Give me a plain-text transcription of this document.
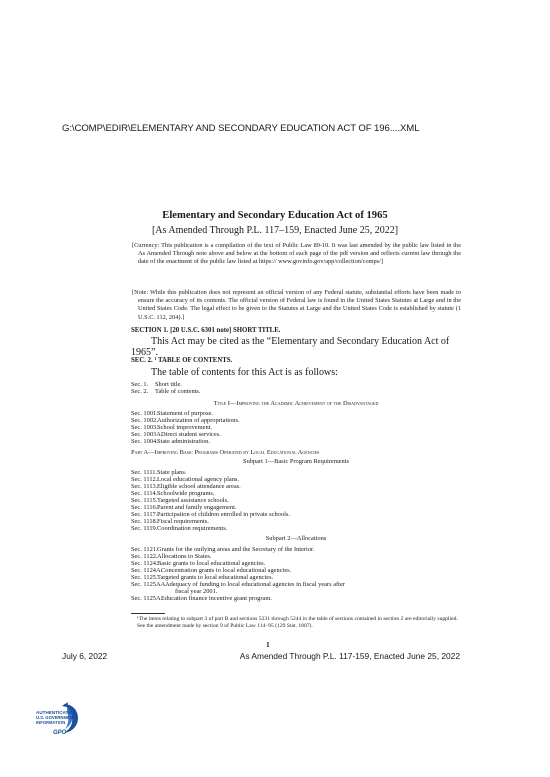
G:\COMP\EDIR\ELEMENTARY AND SECONDARY EDUCATION ACT OF 196....XML
Elementary and Secondary Education Act of 1965
[As Amended Through P.L. 117–159, Enacted June 25, 2022]
[Currency: This publication is a compilation of the text of Public Law 89-10. It was last amended by the public law listed in the As Amended Through note above and below at the bottom of each page of the pdf version and reflects current law through the date of the enactment of the public law listed at https:// www.govinfo.gov/app/collection/comps/]
[Note: While this publication does not represent an official version of any Federal statute, substantial efforts have been made to ensure the accuracy of its contents. The official version of Federal law is found in the United States Statutes at Large and in the United States Code. The legal effect to be given to the Statutes at Large and the United States Code is established by statute (1 U.S.C. 112, 204).]
SECTION 1. [20 U.S.C. 6301 note] SHORT TITLE.
This Act may be cited as the “Elementary and Secondary Education Act of 1965”.
SEC. 2. ¹ TABLE OF CONTENTS.
The table of contents for this Act is as follows:
Sec. 1. Short title.
Sec. 2. Table of contents.
Title I—Improving the Academic Achievement of the Disadvantaged
Sec. 1001. Statement of purpose.
Sec. 1002. Authorization of appropriations.
Sec. 1003. School improvement.
Sec. 1003A.
Direct student services.
Sec. 1004. State administration.
Part A—Improving Basic Programs Operated by Local Educational Agencies
Subpart 1—Basic Program Requirements
Sec. 1111. State plans.
Sec. 1112. Local educational agency plans.
Sec. 1113. Eligible school attendance areas.
Sec. 1114. Schoolwide programs.
Sec. 1115. Targeted assistance schools.
Sec. 1116. Parent and family engagement.
Sec. 1117. Participation of children enrolled in private schools.
Sec. 1118. Fiscal requirements.
Sec. 1119. Coordination requirements.
Subpart 2—Allocations
Sec. 1121. Grants for the outlying areas and the Secretary of the Interior.
Sec. 1122. Allocations to States.
Sec. 1124. Basic grants to local educational agencies.
Sec. 1124A.
Concentration grants to local educational agencies.
Sec. 1125. Targeted grants to local educational agencies.
Sec. 1125AA.
Adequacy of funding to local educational agencies in fiscal years after
fiscal year 2001.
Sec. 1125A.
Education finance incentive grant program.
¹The items relating to subpart 3 of part B and sections 5231 through 5244 in the table of sections contained in section 2 are editorially supplied. See the amendment made by section 9 of Public Law 114–95 (129 Stat. 1807).
1
July 6, 2022	As Amended Through P.L. 117-159, Enacted June 25, 2022
AUTHENTICATED
U.S. GOVERNMENT
INFORMATION
GPO
